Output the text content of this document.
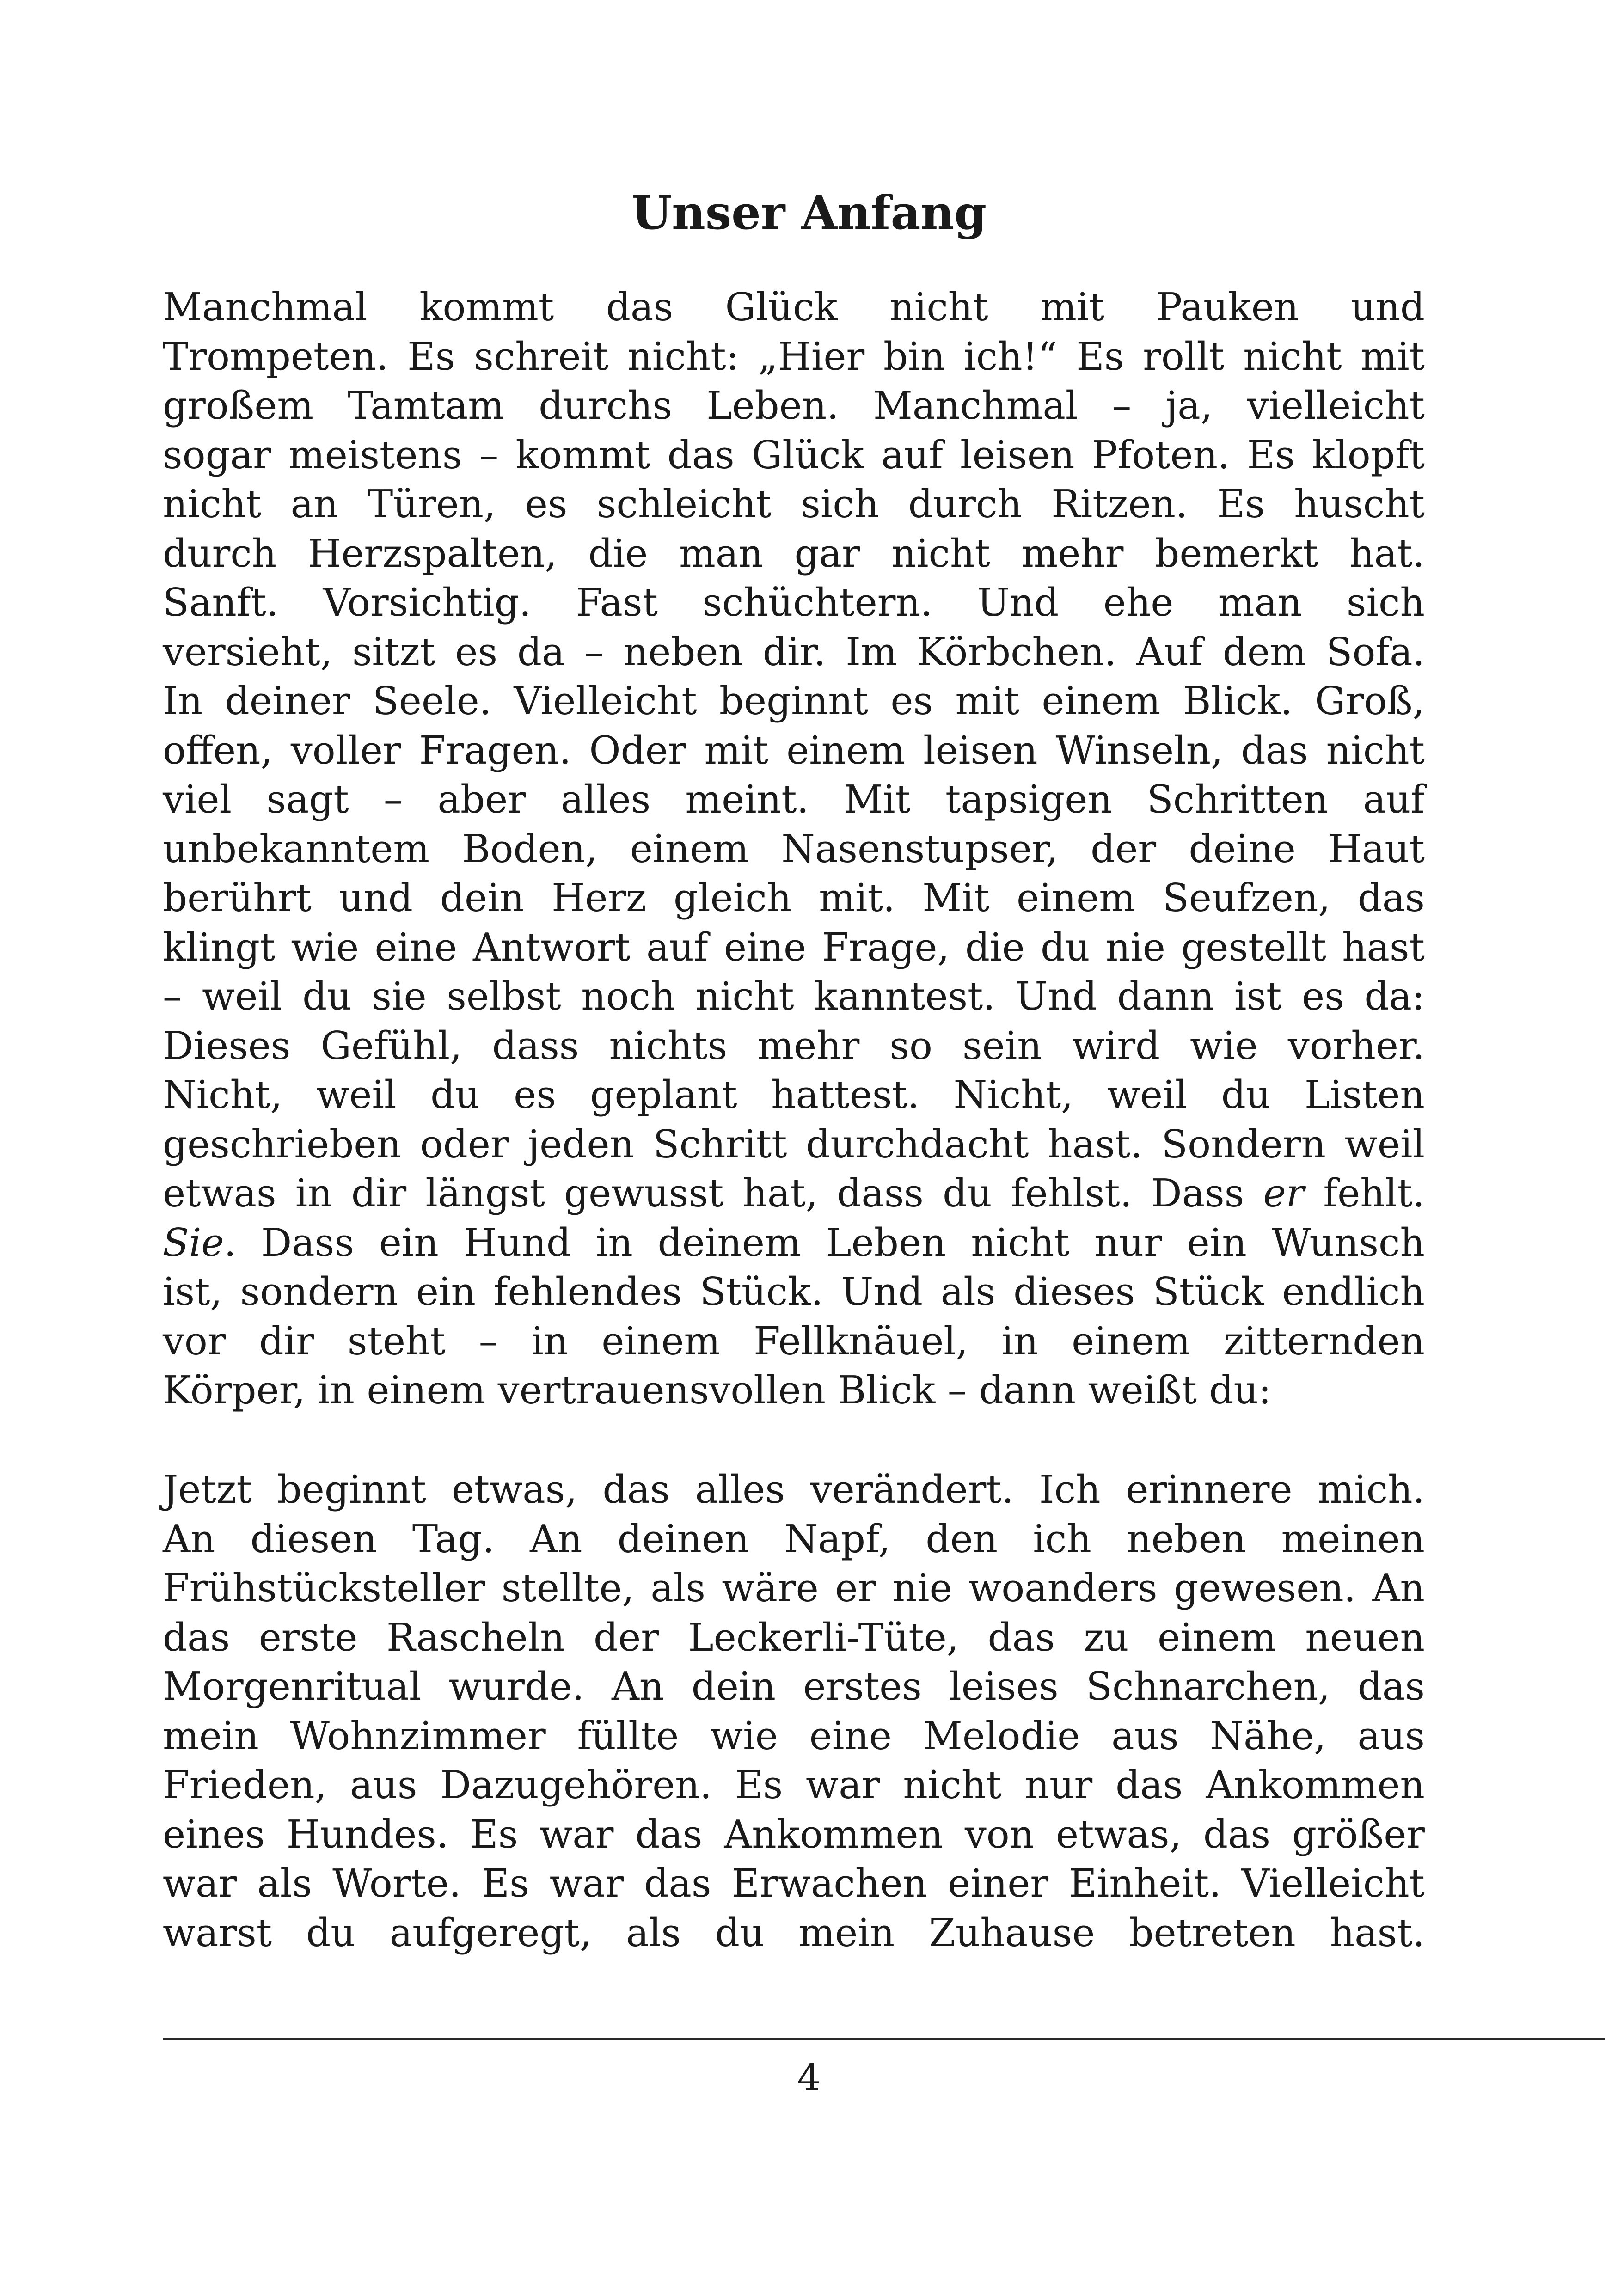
Unser Anfang
Manchmal kommt das Glück nicht mit Pauken und
Trompeten. Es schreit nicht: „Hier bin ich!“ Es rollt nicht mit
großem Tamtam durchs Leben. Manchmal – ja, vielleicht
sogar meistens – kommt das Glück auf leisen Pfoten. Es klopft
nicht an Türen, es schleicht sich durch Ritzen. Es huscht
durch Herzspalten, die man gar nicht mehr bemerkt hat.
Sanft. Vorsichtig. Fast schüchtern. Und ehe man sich
versieht, sitzt es da – neben dir. Im Körbchen. Auf dem Sofa.
In deiner Seele. Vielleicht beginnt es mit einem Blick. Groß,
offen, voller Fragen. Oder mit einem leisen Winseln, das nicht
viel sagt – aber alles meint. Mit tapsigen Schritten auf
unbekanntem Boden, einem Nasenstupser, der deine Haut
berührt und dein Herz gleich mit. Mit einem Seufzen, das
klingt wie eine Antwort auf eine Frage, die du nie gestellt hast
– weil du sie selbst noch nicht kanntest. Und dann ist es da:
Dieses Gefühl, dass nichts mehr so sein wird wie vorher.
Nicht, weil du es geplant hattest. Nicht, weil du Listen
geschrieben oder jeden Schritt durchdacht hast. Sondern weil
etwas in dir längst gewusst hat, dass du fehlst. Dass er fehlt.
Sie. Dass ein Hund in deinem Leben nicht nur ein Wunsch
ist, sondern ein fehlendes Stück. Und als dieses Stück endlich
vor dir steht – in einem Fellknäuel, in einem zitternden
Körper, in einem vertrauensvollen Blick – dann weißt du:
Jetzt beginnt etwas, das alles verändert. Ich erinnere mich.
An diesen Tag. An deinen Napf, den ich neben meinen
Frühstücksteller stellte, als wäre er nie woanders gewesen. An
das erste Rascheln der Leckerli-Tüte, das zu einem neuen
Morgenritual wurde. An dein erstes leises Schnarchen, das
mein Wohnzimmer füllte wie eine Melodie aus Nähe, aus
Frieden, aus Dazugehören. Es war nicht nur das Ankommen
eines Hundes. Es war das Ankommen von etwas, das größer
war als Worte. Es war das Erwachen einer Einheit. Vielleicht
warst du aufgeregt, als du mein Zuhause betreten hast.
4
